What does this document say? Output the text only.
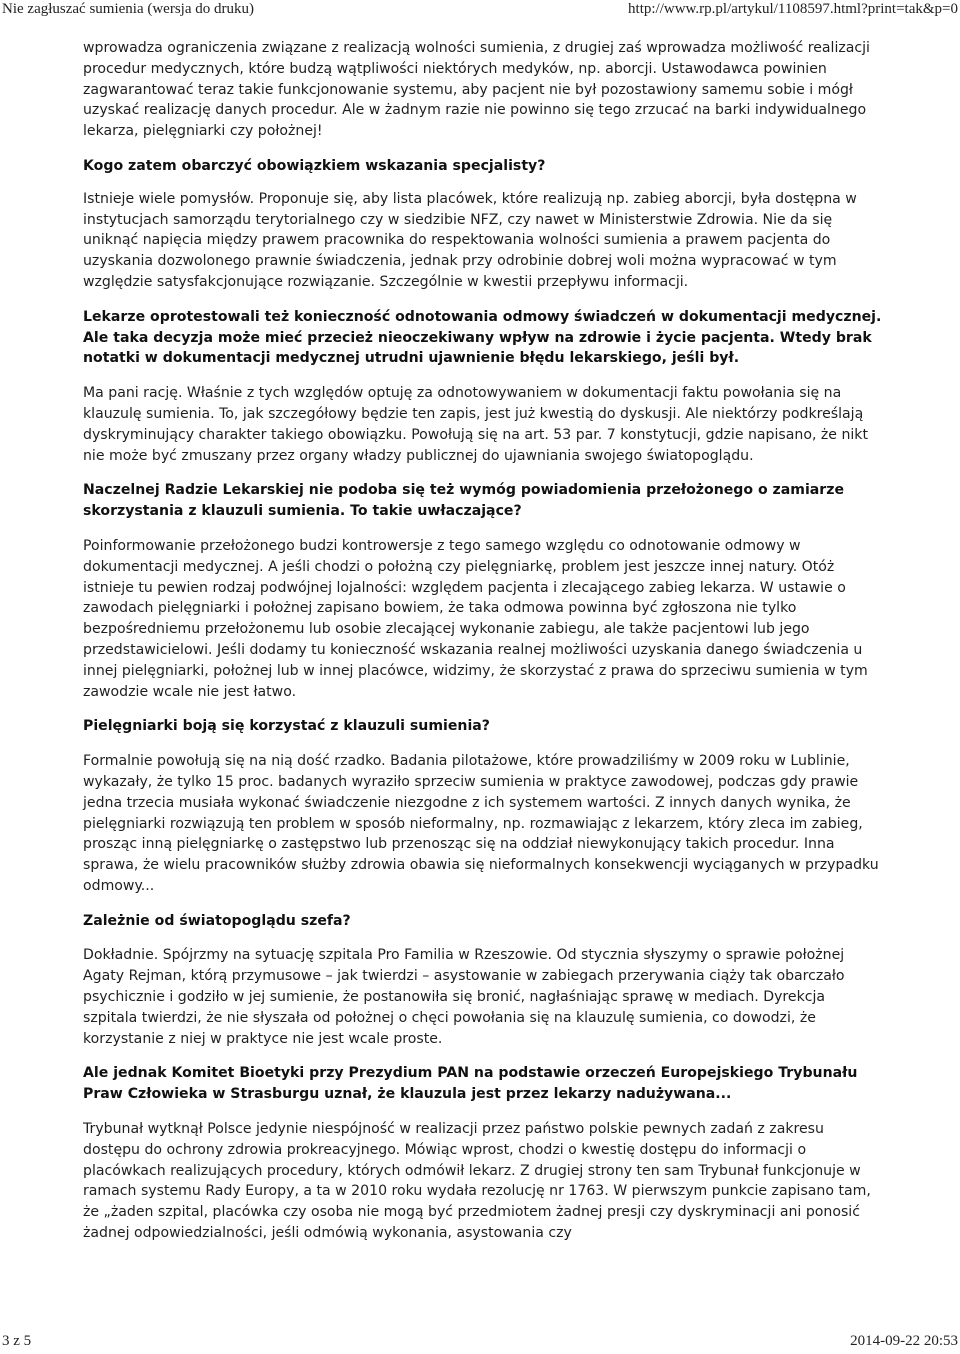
Nie zagłuszać sumienia (wersja do druku)	http://www.rp.pl/artykul/1108597.html?print=tak&p=0

wprowadza ograniczenia związane z realizacją wolności sumienia, z drugiej zaś wprowadza możliwość realizacji procedur medycznych, które budzą wątpliwości niektórych medyków, np. aborcji. Ustawodawca powinien zagwarantować teraz takie funkcjonowanie systemu, aby pacjent nie był pozostawiony samemu sobie i mógł uzyskać realizację danych procedur. Ale w żadnym razie nie powinno się tego zrzucać na barki indywidualnego lekarza, pielęgniarki czy położnej!

Kogo zatem obarczyć obowiązkiem wskazania specjalisty?

Istnieje wiele pomysłów. Proponuje się, aby lista placówek, które realizują np. zabieg aborcji, była dostępna w instytucjach samorządu terytorialnego czy w siedzibie NFZ, czy nawet w Ministerstwie Zdrowia. Nie da się uniknąć napięcia między prawem pracownika do respektowania wolności sumienia a prawem pacjenta do uzyskania dozwolonego prawnie świadczenia, jednak przy odrobinie dobrej woli można wypracować w tym względzie satysfakcjonujące rozwiązanie. Szczególnie w kwestii przepływu informacji.

Lekarze oprotestowali też konieczność odnotowania odmowy świadczeń w dokumentacji medycznej. Ale taka decyzja może mieć przecież nieoczekiwany wpływ na zdrowie i życie pacjenta. Wtedy brak notatki w dokumentacji medycznej utrudni ujawnienie błędu lekarskiego, jeśli był.

Ma pani rację. Właśnie z tych względów optuję za odnotowywaniem w dokumentacji faktu powołania się na klauzulę sumienia. To, jak szczegółowy będzie ten zapis, jest już kwestią do dyskusji. Ale niektórzy podkreślają dyskryminujący charakter takiego obowiązku. Powołują się na art. 53 par. 7 konstytucji, gdzie napisano, że nikt nie może być zmuszany przez organy władzy publicznej do ujawniania swojego światopoglądu.

Naczelnej Radzie Lekarskiej nie podoba się też wymóg powiadomienia przełożonego o zamiarze skorzystania z klauzuli sumienia. To takie uwłaczające?

Poinformowanie przełożonego budzi kontrowersje z tego samego względu co odnotowanie odmowy w dokumentacji medycznej. A jeśli chodzi o położną czy pielęgniarkę, problem jest jeszcze innej natury. Otóż istnieje tu pewien rodzaj podwójnej lojalności: względem pacjenta i zlecającego zabieg lekarza. W ustawie o zawodach pielęgniarki i położnej zapisano bowiem, że taka odmowa powinna być zgłoszona nie tylko bezpośredniemu przełożonemu lub osobie zlecającej wykonanie zabiegu, ale także pacjentowi lub jego przedstawicielowi. Jeśli dodamy tu konieczność wskazania realnej możliwości uzyskania danego świadczenia u innej pielęgniarki, położnej lub w innej placówce, widzimy, że skorzystać z prawa do sprzeciwu sumienia w tym zawodzie wcale nie jest łatwo.

Pielęgniarki boją się korzystać z klauzuli sumienia?

Formalnie powołują się na nią dość rzadko. Badania pilotażowe, które prowadziliśmy w 2009 roku w Lublinie, wykazały, że tylko 15 proc. badanych wyraziło sprzeciw sumienia w praktyce zawodowej, podczas gdy prawie jedna trzecia musiała wykonać świadczenie niezgodne z ich systemem wartości. Z innych danych wynika, że pielęgniarki rozwiązują ten problem w sposób nieformalny, np. rozmawiając z lekarzem, który zleca im zabieg, prosząc inną pielęgniarkę o zastępstwo lub przenosząc się na oddział niewykonujący takich procedur. Inna sprawa, że wielu pracowników służby zdrowia obawia się nieformalnych konsekwencji wyciąganych w przypadku odmowy...

Zależnie od światopoglądu szefa?

Dokładnie. Spójrzmy na sytuację szpitala Pro Familia w Rzeszowie. Od stycznia słyszymy o sprawie położnej Agaty Rejman, którą przymusowe – jak twierdzi – asystowanie w zabiegach przerywania ciąży tak obarczało psychicznie i godziło w jej sumienie, że postanowiła się bronić, nagłaśniając sprawę w mediach. Dyrekcja szpitala twierdzi, że nie słyszała od położnej o chęci powołania się na klauzulę sumienia, co dowodzi, że korzystanie z niej w praktyce nie jest wcale proste.

Ale jednak Komitet Bioetyki przy Prezydium PAN na podstawie orzeczeń Europejskiego Trybunału Praw Człowieka w Strasburgu uznał, że klauzula jest przez lekarzy nadużywana...

Trybunał wytknął Polsce jedynie niespójność w realizacji przez państwo polskie pewnych zadań z zakresu dostępu do ochrony zdrowia prokreacyjnego. Mówiąc wprost, chodzi o kwestię dostępu do informacji o placówkach realizujących procedury, których odmówił lekarz. Z drugiej strony ten sam Trybunał funkcjonuje w ramach systemu Rady Europy, a ta w 2010 roku wydała rezolucję nr 1763. W pierwszym punkcie zapisano tam, że „żaden szpital, placówka czy osoba nie mogą być przedmiotem żadnej presji czy dyskryminacji ani ponosić żadnej odpowiedzialności, jeśli odmówią wykonania, asystowania czy

3 z 5	2014-09-22 20:53
